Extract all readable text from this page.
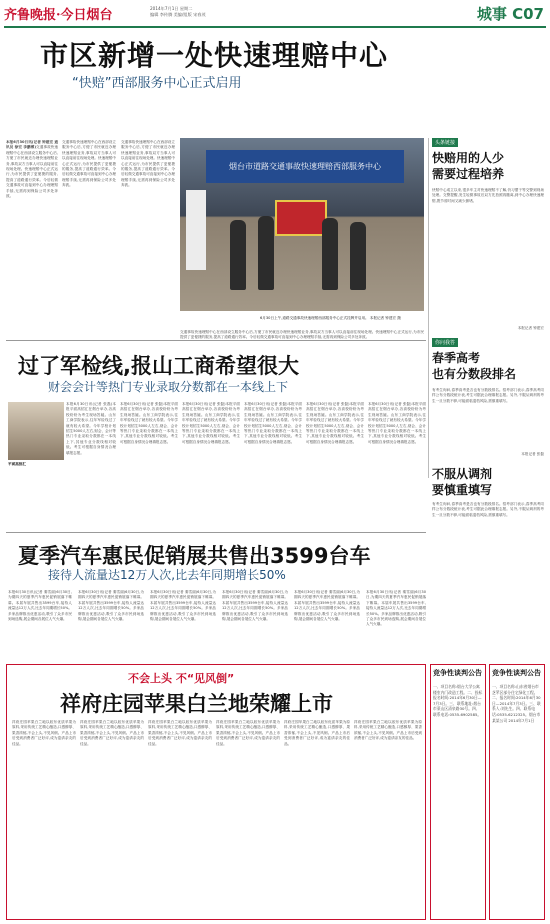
齐鲁晚报·今日烟台	2014年7月1日 星期二
编辑 李传腾 美编/组版 宋春茂	城事 C07
市区新增一处快速理赔中心
“快赔”西部服务中心正式启用
本报6月30日讯(记者 钟建宏 通讯员 徐宏 李鹏博)交通事故快速理赔中心在西部设立服务中心后,方便了市民就近办理快速理赔业务,事故双方当事人可以直接前往现场处理。快速理赔中心正式运行,为市民提供了更便捷的服务,提高了道路通行效率。今后轻微交通事故可直接到中心办理理赔手续,无需再到保险公司多处奔波。
交通事故快速理赔中心在西部设立服务中心后,方便了市民就近办理快速理赔业务,事故双方当事人可以直接前往现场处理。快速理赔中心正式运行,为市民提供了更便捷的服务,提高了道路通行效率。今后轻微交通事故可直接到中心办理理赔手续,无需再到保险公司多处奔波。
交通事故快速理赔中心在西部设立服务中心后,方便了市民就近办理快速理赔业务,事故双方当事人可以直接前往现场处理。快速理赔中心正式运行,为市民提供了更便捷的服务,提高了道路通行效率。今后轻微交通事故可直接到中心办理理赔手续,无需再到保险公司多处奔波。
烟台市道路交通事故快速理赔西部服务中心
6月30日上午,道路交通事故快速理赔西部服务中心正式挂牌并启用。 本报记者 钟建宏 摄
交通事故快速理赔中心在西部设立服务中心后,方便了市民就近办理快速理赔业务,事故双方当事人可以直接前往现场处理。快速理赔中心正式运行,为市民提供了更便捷的服务,提高了道路通行效率。今后轻微交通事故可直接到中心办理理赔手续,无需再到保险公司多处奔波。
头条链接
快赔用的人少
需要过程培养
快赔中心成立以来,很多车主对快速理赔不了解,仍习惯于等交警到现场处理。交警提醒,发生轻微事故后双方先拍照再撤离,到中心办理快速理赔,既节省时间又减少拥堵。
本报记者 钟建宏
你问我答
春季高考
也有分数段排名
有考生询问,春季高考是否也有分数段排名。招考部门表示,春季高考同样公布分数段统计表,考生可据此合理填报志愿。另外,不服从调剂的考生一旦分数不够,可能面临退档风险,需慎重填写。
本报记者 张磊
不服从调剂
要慎重填写
有考生询问,春季高考是否也有分数段排名。招考部门表示,春季高考同样公布分数段统计表,考生可据此合理填报志愿。另外,不服从调剂的考生一旦分数不够,可能面临退档风险,需慎重填写。
过了军检线,报山工商希望很大
财会会计等热门专业录取分数都在一本线上下
平面高招汇
本报6月30日讯(记者 张磊)本报平面高招汇在烟台举办,各高校纷纷为考生现场答疑。山东工商学院表示,往年军检线过了就有较大希望。今年学校计划招生5000人左右,财会、会计等热门专业录取分数都在一本线上下,其他专业分数线相对较低。考生可根据自身情况合理填报志愿。
本报6月30日讯(记者 张磊)本报平面高招汇在烟台举办,各高校纷纷为考生现场答疑。山东工商学院表示,往年军检线过了就有较大希望。今年学校计划招生5000人左右,财会、会计等热门专业录取分数都在一本线上下,其他专业分数线相对较低。考生可根据自身情况合理填报志愿。
本报6月30日讯(记者 张磊)本报平面高招汇在烟台举办,各高校纷纷为考生现场答疑。山东工商学院表示,往年军检线过了就有较大希望。今年学校计划招生5000人左右,财会、会计等热门专业录取分数都在一本线上下,其他专业分数线相对较低。考生可根据自身情况合理填报志愿。
本报6月30日讯(记者 张磊)本报平面高招汇在烟台举办,各高校纷纷为考生现场答疑。山东工商学院表示,往年军检线过了就有较大希望。今年学校计划招生5000人左右,财会、会计等热门专业录取分数都在一本线上下,其他专业分数线相对较低。考生可根据自身情况合理填报志愿。
本报6月30日讯(记者 张磊)本报平面高招汇在烟台举办,各高校纷纷为考生现场答疑。山东工商学院表示,往年军检线过了就有较大希望。今年学校计划招生5000人左右,财会、会计等热门专业录取分数都在一本线上下,其他专业分数线相对较低。考生可根据自身情况合理填报志愿。
本报6月30日讯(记者 张磊)本报平面高招汇在烟台举办,各高校纷纷为考生现场答疑。山东工商学院表示,往年军检线过了就有较大希望。今年学校计划招生5000人左右,财会、会计等热门专业录取分数都在一本线上下,其他专业分数线相对较低。考生可根据自身情况合理填报志愿。
夏季汽车惠民促销展共售出3599台车
接待人流量达12万人次,比去年同期增长50%
本报6月30日讯(记者 秦雪丽)6月30日,为期四天的夏季汽车惠民促销展落下帷幕。本届车展共售出3599台车,接待人流量达12万人次,比去年同期增长50%。多家品牌推出优惠活动,吸引了众多市民到场选购,展会期间各展位人气火爆。
本报6月30日讯(记者 秦雪丽)6月30日,为期四天的夏季汽车惠民促销展落下帷幕。本届车展共售出3599台车,接待人流量达12万人次,比去年同期增长50%。多家品牌推出优惠活动,吸引了众多市民到场选购,展会期间各展位人气火爆。
本报6月30日讯(记者 秦雪丽)6月30日,为期四天的夏季汽车惠民促销展落下帷幕。本届车展共售出3599台车,接待人流量达12万人次,比去年同期增长50%。多家品牌推出优惠活动,吸引了众多市民到场选购,展会期间各展位人气火爆。
本报6月30日讯(记者 秦雪丽)6月30日,为期四天的夏季汽车惠民促销展落下帷幕。本届车展共售出3599台车,接待人流量达12万人次,比去年同期增长50%。多家品牌推出优惠活动,吸引了众多市民到场选购,展会期间各展位人气火爆。
本报6月30日讯(记者 秦雪丽)6月30日,为期四天的夏季汽车惠民促销展落下帷幕。本届车展共售出3599台车,接待人流量达12万人次,比去年同期增长50%。多家品牌推出优惠活动,吸引了众多市民到场选购,展会期间各展位人气火爆。
本报6月30日讯(记者 秦雪丽)6月30日,为期四天的夏季汽车惠民促销展落下帷幕。本届车展共售出3599台车,接待人流量达12万人次,比去年同期增长50%。多家品牌推出优惠活动,吸引了众多市民到场选购,展会期间各展位人气火爆。
不会上头 不“见风倒”
祥府庄园苹果白兰地荣耀上市
祥府庄园苹果白兰地以胶东优质苹果为原料,采用传统工艺精心酿造,口感醇厚、果香浓郁,不会上头,不见风倒。产品上市后受到消费者广泛好评,成为宴请亲友的佳品。
祥府庄园苹果白兰地以胶东优质苹果为原料,采用传统工艺精心酿造,口感醇厚、果香浓郁,不会上头,不见风倒。产品上市后受到消费者广泛好评,成为宴请亲友的佳品。
祥府庄园苹果白兰地以胶东优质苹果为原料,采用传统工艺精心酿造,口感醇厚、果香浓郁,不会上头,不见风倒。产品上市后受到消费者广泛好评,成为宴请亲友的佳品。
祥府庄园苹果白兰地以胶东优质苹果为原料,采用传统工艺精心酿造,口感醇厚、果香浓郁,不会上头,不见风倒。产品上市后受到消费者广泛好评,成为宴请亲友的佳品。
祥府庄园苹果白兰地以胶东优质苹果为原料,采用传统工艺精心酿造,口感醇厚、果香浓郁,不会上头,不见风倒。产品上市后受到消费者广泛好评,成为宴请亲友的佳品。
祥府庄园苹果白兰地以胶东优质苹果为原料,采用传统工艺精心酿造,口感醇厚、果香浓郁,不会上头,不见风倒。产品上市后受到消费者广泛好评,成为宴请亲友的佳品。
竞争性谈判公告
一、项目名称:烟台大学公寓楼室内门改造工程。二、投标报名时间:2014年6月30日—7月3日。三、联系地址:烟台市莱山区清泉路30号。四、联系电话:0535-6902585。
竞争性谈判公告
一、项目名称:山东省烟台市芝罘区部分住宅绿化工程。二、报名时间:2014年6月30日—2014年7月3日。三、联系人:刘先生。四、联系电话:0535-6212325。烟台市某某公司 2014年7月1日
